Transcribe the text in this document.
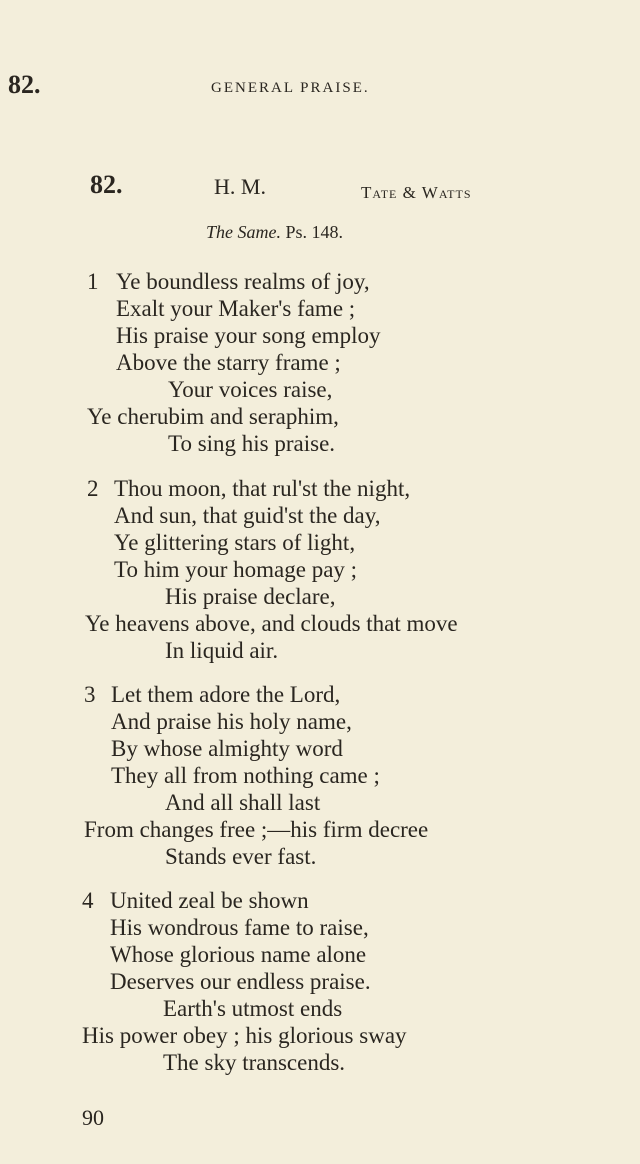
82.	GENERAL PRAISE.
82.	H. M.	Tate & Watts
The Same. Ps. 148.
1 Ye boundless realms of joy,
Exalt your Maker's fame ;
His praise your song employ
Above the starry frame ;
Your voices raise,
Ye cherubim and seraphim,
To sing his praise.
2 Thou moon, that rul'st the night,
And sun, that guid'st the day,
Ye glittering stars of light,
To him your homage pay ;
His praise declare,
Ye heavens above, and clouds that move
In liquid air.
3 Let them adore the Lord,
And praise his holy name,
By whose almighty word
They all from nothing came ;
And all shall last
From changes free ;—his firm decree
Stands ever fast.
4 United zeal be shown
His wondrous fame to raise,
Whose glorious name alone
Deserves our endless praise.
Earth's utmost ends
His power obey ; his glorious sway
The sky transcends.
90
